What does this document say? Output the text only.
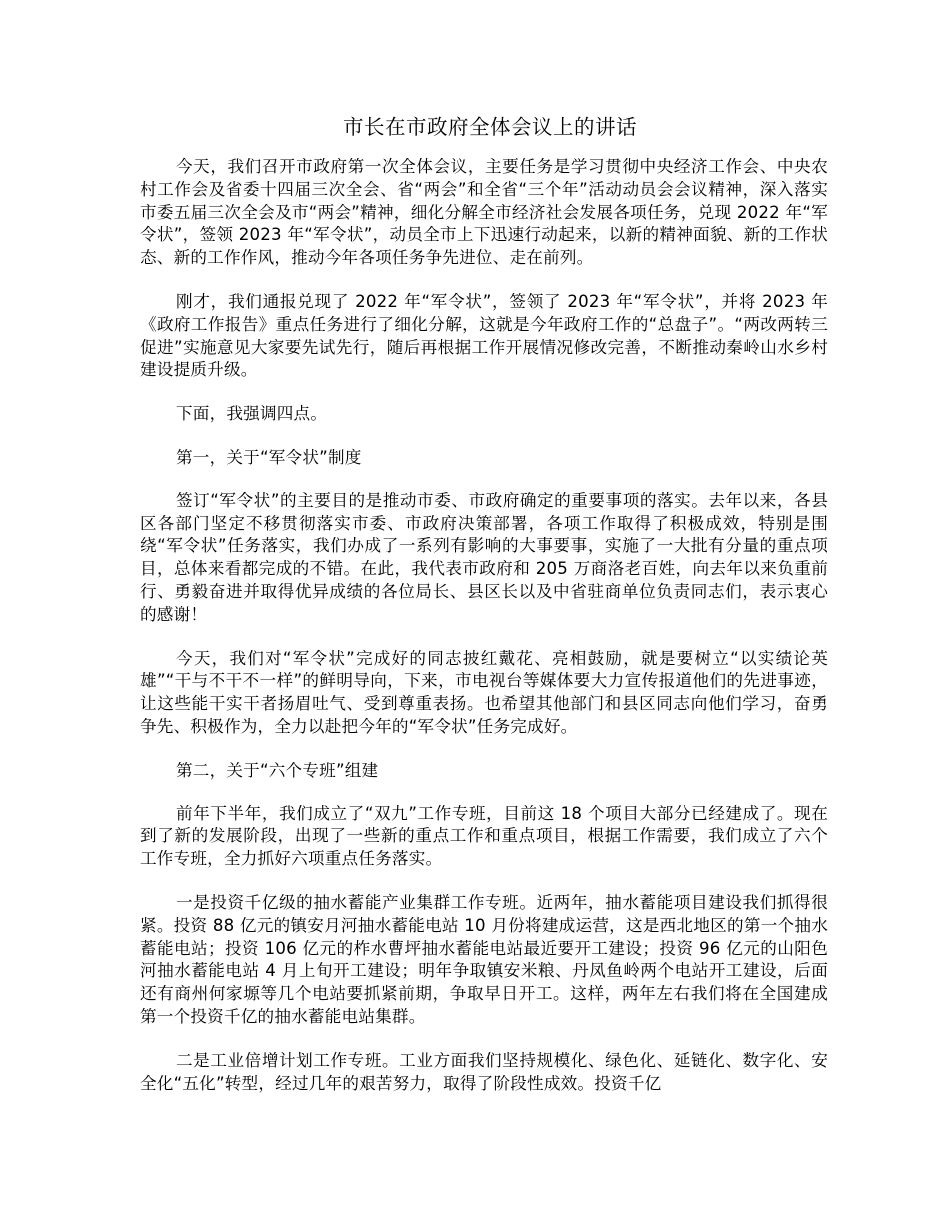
市长在市政府全体会议上的讲话

今天，我们召开市政府第一次全体会议，主要任务是学习贯彻中央经济工作会、中央农村工作会及省委十四届三次全会、省“两会”和全省“三个年”活动动员会会议精神，深入落实市委五届三次全会及市“两会”精神，细化分解全市经济社会发展各项任务，兑现 2022 年“军令状”，签领 2023 年“军令状”，动员全市上下迅速行动起来，以新的精神面貌、新的工作状态、新的工作作风，推动今年各项任务争先进位、走在前列。

刚才，我们通报兑现了 2022 年“军令状”，签领了 2023 年“军令状”，并将 2023 年《政府工作报告》重点任务进行了细化分解，这就是今年政府工作的“总盘子”。“两改两转三促进”实施意见大家要先试先行，随后再根据工作开展情况修改完善，不断推动秦岭山水乡村建设提质升级。

下面，我强调四点。

第一，关于“军令状”制度

签订“军令状”的主要目的是推动市委、市政府确定的重要事项的落实。去年以来，各县区各部门坚定不移贯彻落实市委、市政府决策部署，各项工作取得了积极成效，特别是围绕“军令状”任务落实，我们办成了一系列有影响的大事要事，实施了一大批有分量的重点项目，总体来看都完成的不错。在此，我代表市政府和 205 万商洛老百姓，向去年以来负重前行、勇毅奋进并取得优异成绩的各位局长、县区长以及中省驻商单位负责同志们，表示衷心的感谢！

今天，我们对“军令状”完成好的同志披红戴花、亮相鼓励，就是要树立“以实绩论英雄”“干与不干不一样”的鲜明导向，下来，市电视台等媒体要大力宣传报道他们的先进事迹，让这些能干实干者扬眉吐气、受到尊重表扬。也希望其他部门和县区同志向他们学习，奋勇争先、积极作为，全力以赴把今年的“军令状”任务完成好。

第二，关于“六个专班”组建

前年下半年，我们成立了“双九”工作专班，目前这 18 个项目大部分已经建成了。现在到了新的发展阶段，出现了一些新的重点工作和重点项目，根据工作需要，我们成立了六个工作专班，全力抓好六项重点任务落实。

一是投资千亿级的抽水蓄能产业集群工作专班。近两年，抽水蓄能项目建设我们抓得很紧。投资 88 亿元的镇安月河抽水蓄能电站 10 月份将建成运营，这是西北地区的第一个抽水蓄能电站；投资 106 亿元的柞水曹坪抽水蓄能电站最近要开工建设；投资 96 亿元的山阳色河抽水蓄能电站 4 月上旬开工建设；明年争取镇安米粮、丹凤鱼岭两个电站开工建设，后面还有商州何家塬等几个电站要抓紧前期，争取早日开工。这样，两年左右我们将在全国建成第一个投资千亿的抽水蓄能电站集群。

二是工业倍增计划工作专班。工业方面我们坚持规模化、绿色化、延链化、数字化、安全化“五化”转型，经过几年的艰苦努力，取得了阶段性成效。投资千亿
